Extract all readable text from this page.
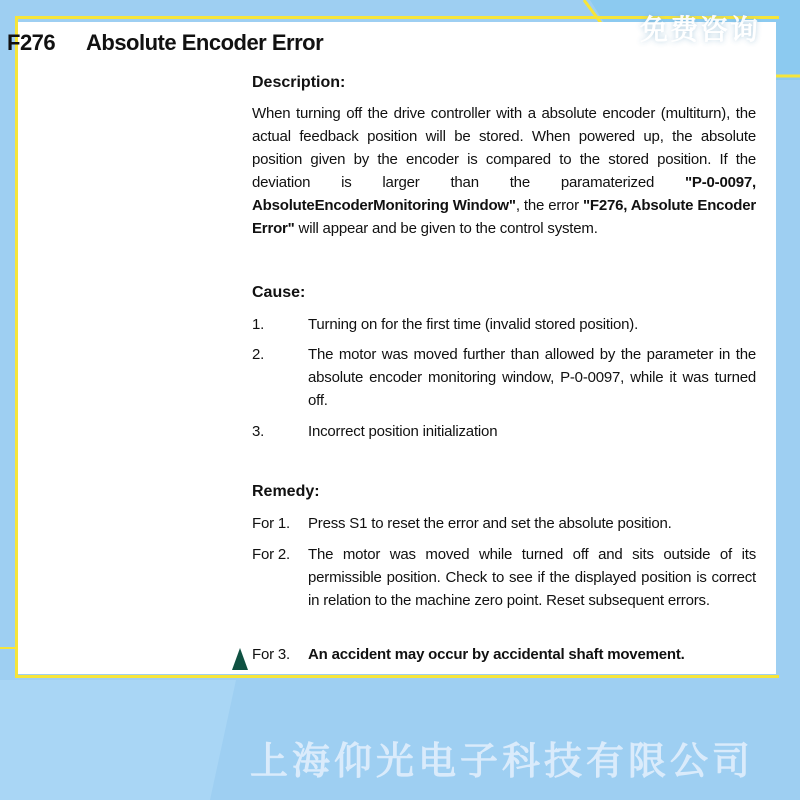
F276 Absolute Encoder Error
Description:
When turning off the drive controller with a absolute encoder (multiturn), the actual feedback position will be stored. When powered up, the absolute position given by the encoder is compared to the stored position. If the deviation is larger than the paramaterized "P-0-0097, AbsoluteEncoderMonitoring Window", the error "F276, Absolute Encoder Error" will appear and be given to the control system.
Cause:
1.	Turning on for the first time (invalid stored position).
2.	The motor was moved further than allowed by the parameter in the absolute encoder monitoring window, P-0-0097, while it was turned off.
3.	Incorrect position initialization
Remedy:
For 1. Press S1 to reset the error and set the absolute position.
For 2. The motor was moved while turned off and sits outside of its permissible position. Check to see if the displayed position is correct in relation to the machine zero point. Reset subsequent errors.
For 3. An accident may occur by accidental shaft movement.
免费咨询
上海仰光电子科技有限公司
